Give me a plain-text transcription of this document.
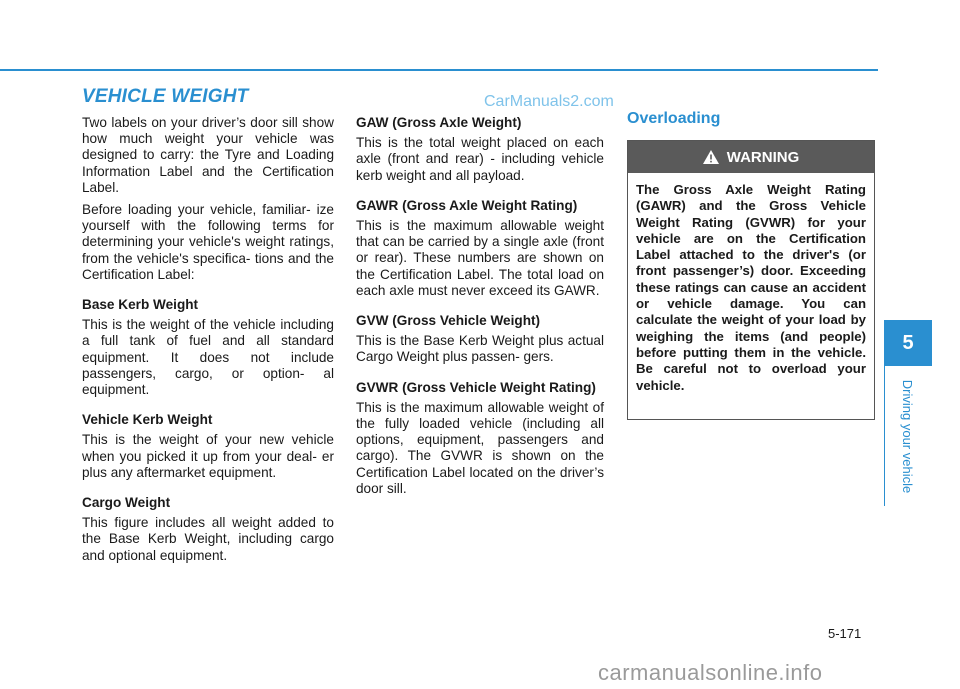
VEHICLE WEIGHT	CarManuals2.com

Two labels on your driver’s door sill show how much weight your vehicle was designed to carry: the Tyre and Loading Information Label and the Certification Label.

Before loading your vehicle, familiar- ize yourself with the following terms for determining your vehicle's weight ratings, from the vehicle's specifica- tions and the Certification Label:

Base Kerb Weight

This is the weight of the vehicle including a full tank of fuel and all standard equipment. It does not include passengers, cargo, or option- al equipment.

Vehicle Kerb Weight

This is the weight of your new vehicle when you picked it up from your deal- er plus any aftermarket equipment.

Cargo Weight

This figure includes all weight added to the Base Kerb Weight, including cargo and optional equipment.

GAW (Gross Axle Weight)

This is the total weight placed on each axle (front and rear) - including vehicle kerb weight and all payload.

GAWR (Gross Axle Weight Rating)

This is the maximum allowable weight that can be carried by a single axle (front or rear). These numbers are shown on the Certification Label. The total load on each axle must never exceed its GAWR.

GVW (Gross Vehicle Weight)

This is the Base Kerb Weight plus actual Cargo Weight plus passen- gers.

GVWR (Gross Vehicle Weight Rating)

This is the maximum allowable weight of the fully loaded vehicle (including all options, equipment, passengers and cargo). The GVWR is shown on the Certification Label located on the driver’s door sill.

Overloading
WARNING

The Gross Axle Weight Rating (GAWR) and the Gross Vehicle Weight Rating (GVWR) for your vehicle are on the Certification Label attached to the driver's (or front passenger’s) door. Exceeding these ratings can cause an accident or vehicle damage. You can calculate the weight of your load by weighing the items (and people) before putting them in the vehicle. Be careful not to overload your vehicle.

5
Driving your vehicle
5-171
carmanualsonline.info
